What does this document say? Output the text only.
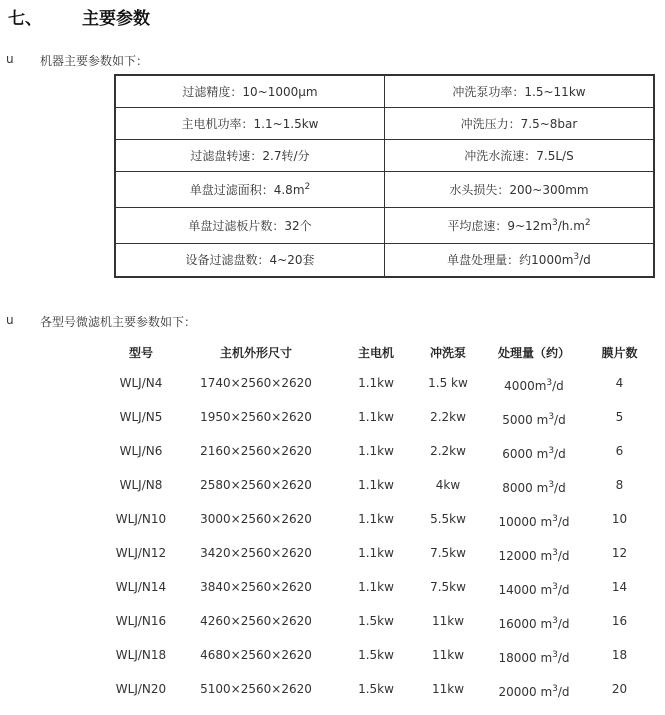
七、 主要参数
u 机器主要参数如下：
过滤精度：10~1000μm	冲洗泵功率：1.5~11kw
主电机功率：1.1~1.5kw	冲洗压力：7.5~8bar
过滤盘转速：2.7转/分	冲洗水流速：7.5L/S
单盘过滤面积：$4.8m^2$	水头损失：200~300mm
单盘过滤板片数：32个	平均虑速：$9\sim 12m^3/h.m^2$
设备过滤盘数：4~20套	单盘处理量：约$1000m^3/d$
u 各型号微滤机主要参数如下：
型号	主机外形尺寸	主电机	冲洗泵	处理量（约）	膜片数
WLJ/N4	1740×2560×2620	1.1kw	1.5 kw	$4000m^3/d$	4
WLJ/N5	1950×2560×2620	1.1kw	2.2kw	5000 $m^3/d$	5
WLJ/N6	2160×2560×2620	1.1kw	2.2kw	6000 $m^3/d$	6
WLJ/N8	2580×2560×2620	1.1kw	4kw	8000 $m^3/d$	8
WLJ/N10	3000×2560×2620	1.1kw	5.5kw	10000 $m^3/d$	10
WLJ/N12	3420×2560×2620	1.1kw	7.5kw	12000 $m^3/d$	12
WLJ/N14	3840×2560×2620	1.1kw	7.5kw	14000 $m^3/d$	14
WLJ/N16	4260×2560×2620	1.5kw	11kw	16000 $m^3/d$	16
WLJ/N18	4680×2560×2620	1.5kw	11kw	18000 $m^3/d$	18
WLJ/N20	5100×2560×2620	1.5kw	11kw	20000 $m^3/d$	20
